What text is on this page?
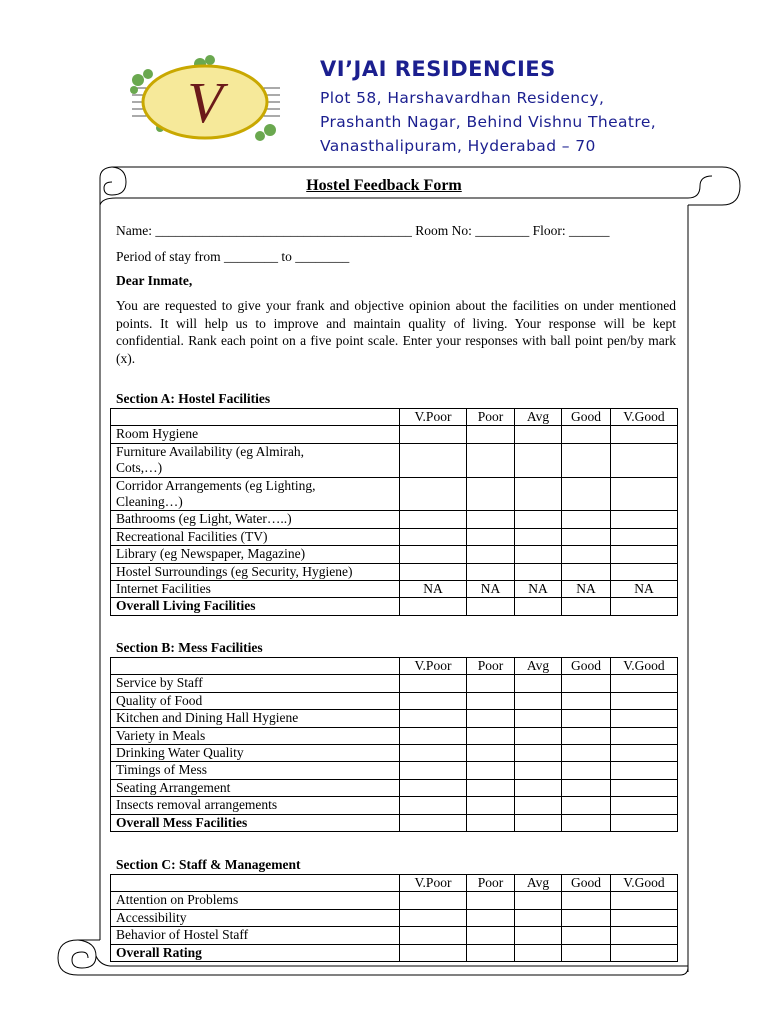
V
VI’JAI RESIDENCIES
Plot 58, Harshavardhan Residency,
Prashanth Nagar, Behind Vishnu Theatre,
Vanasthalipuram, Hyderabad – 70
Hostel Feedback Form
Name: ______________________________________ Room No: ________ Floor: ______
Period of stay from ________ to ________
Dear Inmate,
You are requested to give your frank and objective opinion about the facilities on under mentioned points. It will help us to improve and maintain quality of living. Your response will be kept confidential. Rank each point on a five point scale. Enter your responses with ball point pen/by mark (x).
Section A: Hostel Facilities
	V.Poor	Poor	Avg	Good	V.Good
Room Hygiene					
Furniture Availability (eg Almirah,					
Cots,…)					
Corridor Arrangements (eg Lighting,					
Cleaning…)					
Bathrooms (eg Light, Water…..)					
Recreational Facilities (TV)					
Library (eg Newspaper, Magazine)					
Hostel Surroundings (eg Security, Hygiene)					
Internet Facilities	NA	NA	NA	NA	NA
Overall Living Facilities					
Section B: Mess Facilities
	V.Poor	Poor	Avg	Good	V.Good
Service by Staff					
Quality of Food					
Kitchen and Dining Hall Hygiene					
Variety in Meals					
Drinking Water Quality					
Timings of Mess					
Seating Arrangement					
Insects removal arrangements					
Overall Mess Facilities					
Section C: Staff & Management
	V.Poor	Poor	Avg	Good	V.Good
Attention on Problems					
Accessibility					
Behavior of Hostel Staff					
Overall Rating					
